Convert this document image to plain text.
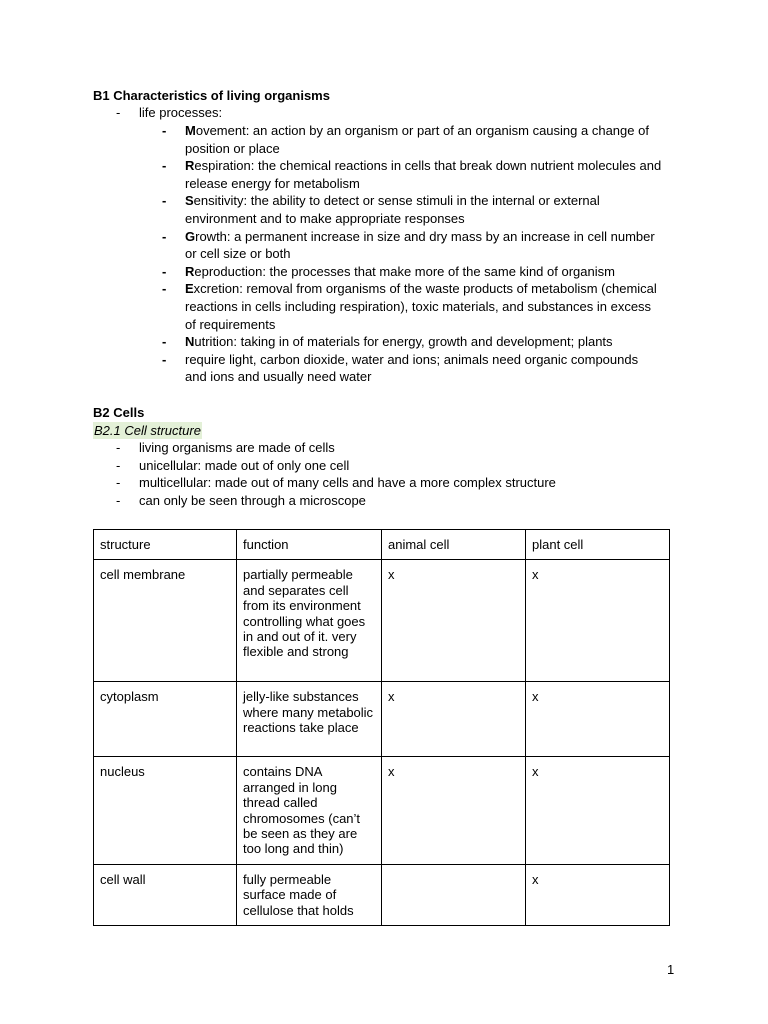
B1 Characteristics of living organisms
- life processes:
- Movement: an action by an organism or part of an organism causing a change of position or place
- Respiration: the chemical reactions in cells that break down nutrient molecules and release energy for metabolism
- Sensitivity: the ability to detect or sense stimuli in the internal or external environment and to make appropriate responses
- Growth: a permanent increase in size and dry mass by an increase in cell number or cell size or both
- Reproduction: the processes that make more of the same kind of organism
- Excretion: removal from organisms of the waste products of metabolism (chemical reactions in cells including respiration), toxic materials, and substances in excess of requirements
- Nutrition: taking in of materials for energy, growth and development; plants
- require light, carbon dioxide, water and ions; animals need organic compounds and ions and usually need water
B2 Cells
B2.1 Cell structure
- living organisms are made of cells
- unicellular: made out of only one cell
- multicellular: made out of many cells and have a more complex structure
- can only be seen through a microscope
structure	function	animal cell	plant cell
cell membrane	partially permeable and separates cell from its environment controlling what goes in and out of it. very flexible and strong	x	x
cytoplasm	jelly-like substances where many metabolic reactions take place	x	x
nucleus	contains DNA arranged in long thread called chromosomes (can’t be seen as they are too long and thin)	x	x
cell wall	fully permeable surface made of cellulose that holds		x
1
